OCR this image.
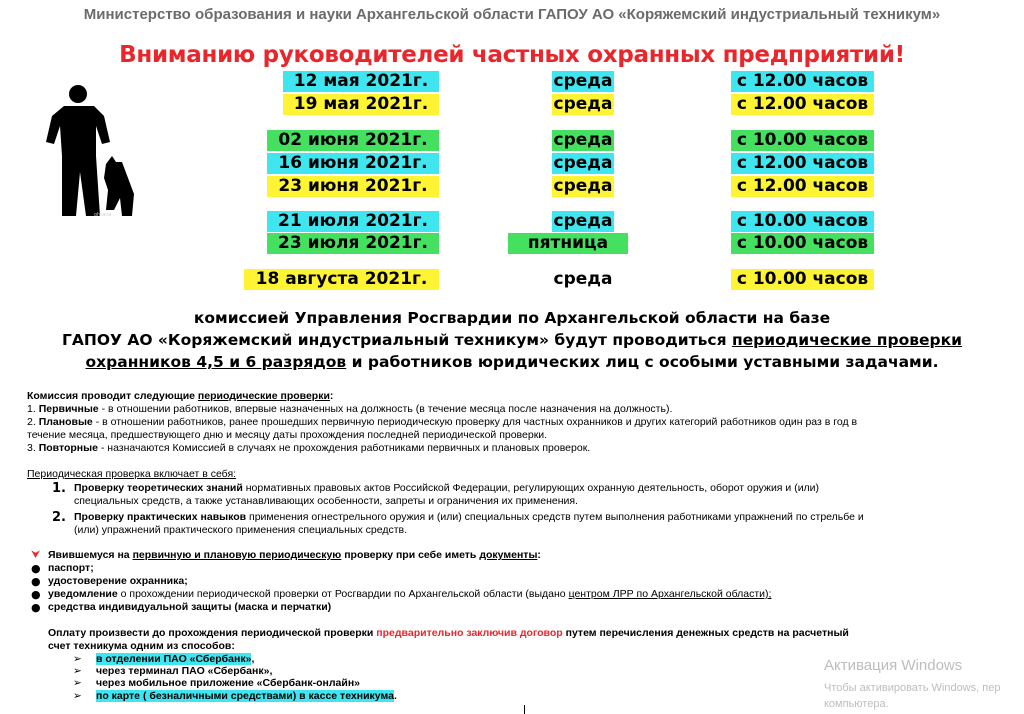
Министерство образования и науки Архангельской области ГАПОУ АО «Коряжемский индустриальный техникум»
Вниманию руководителей частных охранных предприятий!
ohrana
12 мая 2021г.	среда	с 12.00 часов
19 мая 2021г.	среда	с 12.00 часов
02 июня 2021г.	среда	с 10.00 часов
16 июня 2021г.	среда	с 12.00 часов
23 июня 2021г.	среда	с 12.00 часов
21 июля 2021г.	среда	с 10.00 часов
23 июля 2021г.	пятница	с 10.00 часов
18 августа 2021г.	среда	с 10.00 часов
комиссией Управления Росгвардии по Архангельской области на базе
ГАПОУ АО «Коряжемский индустриальный техникум» будут проводиться периодические проверки
охранников 4,5 и 6 разрядов и работников юридических лиц с особыми уставными задачами.
Комиссия проводит следующие периодические проверки:
1. Первичные - в отношении работников, впервые назначенных на должность (в течение месяца после назначения на должность).
2. Плановые - в отношении работников, ранее прошедших первичную периодическую проверку для частных охранников и других категорий работников один раз в год в
течение месяца, предшествующего дню и месяцу даты прохождения последней периодической проверки.
3. Повторные - назначаются Комиссией в случаях не прохождения работниками первичных и плановых проверок.
Периодическая проверка включает в себя:
1. Проверку теоретических знаний нормативных правовых актов Российской Федерации, регулирующих охранную деятельность, оборот оружия и (или)
специальных средств, а также устанавливающих особенности, запреты и ограничения их применения.
2. Проверку практических навыков применения огнестрельного оружия и (или) специальных средств путем выполнения работниками упражнений по стрельбе и
(или) упражнений практического применения специальных средств.
⮟ Явившемуся на первичную и плановую периодическую проверку при себе иметь документы:
● паспорт;
● удостоверение охранника;
● уведомление о прохождении периодической проверки от Росгвардии по Архангельской области (выдано центром ЛРР по Архангельской области);
● средства индивидуальной защиты (маска и перчатки)
Оплату произвести до прохождения периодической проверки предварительно заключив договор путем перечисления денежных средств на расчетный
счет техникума одним из способов:
➢ в отделении ПАО «Сбербанк»,
➢ через терминал ПАО «Сбербанк»,
➢ через мобильное приложение «Сбербанк-онлайн»
➢ по карте ( безналичными средствами) в кассе техникума.
Активация Windows
Чтобы активировать Windows, пер
компьютера.
